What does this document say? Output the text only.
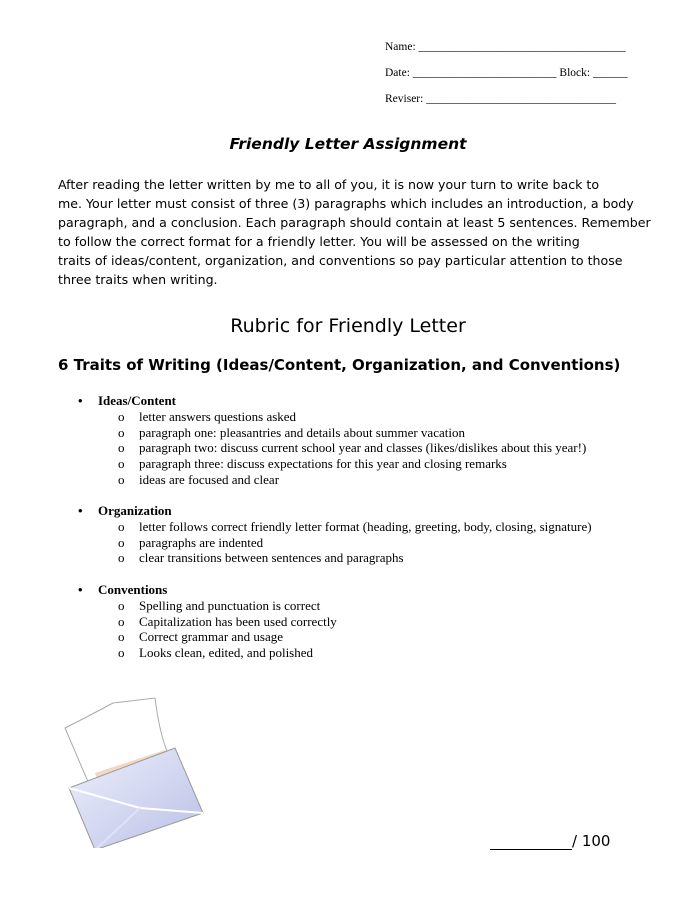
Name: ____________________________________
Date: _________________________ Block: ______
Reviser: _________________________________
Friendly Letter Assignment
After reading the letter written by me to all of you, it is now your turn to write back to
me. Your letter must consist of three (3) paragraphs which includes an introduction, a body
paragraph, and a conclusion. Each paragraph should contain at least 5 sentences. Remember
to follow the correct format for a friendly letter. You will be assessed on the writing
traits of ideas/content, organization, and conventions so pay particular attention to those
three traits when writing.
Rubric for Friendly Letter
6 Traits of Writing (Ideas/Content, Organization, and Conventions)
• Ideas/Content
o letter answers questions asked
o paragraph one: pleasantries and details about summer vacation
o paragraph two: discuss current school year and classes (likes/dislikes about this year!)
o paragraph three: discuss expectations for this year and closing remarks
o ideas are focused and clear
• Organization
o letter follows correct friendly letter format (heading, greeting, body, closing, signature)
o paragraphs are indented
o clear transitions between sentences and paragraphs
• Conventions
o Spelling and punctuation is correct
o Capitalization has been used correctly
o Correct grammar and usage
o Looks clean, edited, and polished
/ 100
